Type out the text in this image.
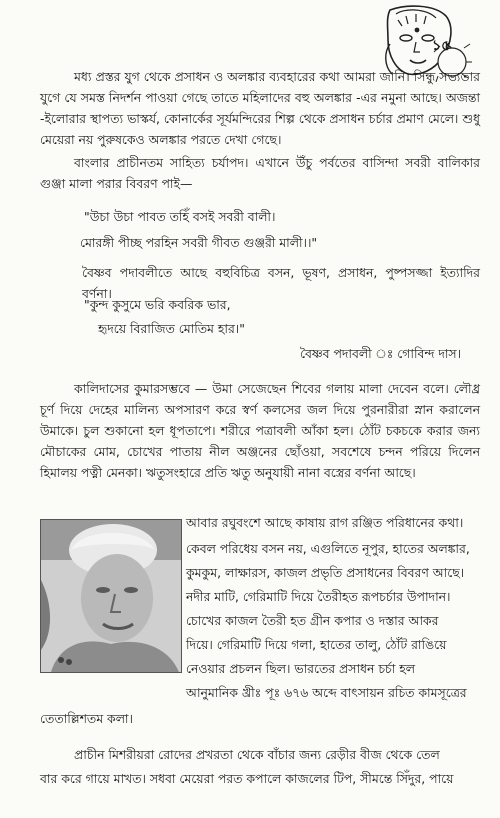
১৫

মধ্য প্রস্তর যুগ থেকে প্রসাধন ও অলঙ্কার ব্যবহারের কথা আমরা জানি। সিন্ধু সভ্যতার যুগে যে সমস্ত নিদর্শন পাওয়া গেছে তাতে মহিলাদের বহু অলঙ্কার -এর নমুনা আছে। অজন্তা -ইলোরার স্থাপত্য ভাস্কর্য, কোনার্কের সূর্যমন্দিরের শিল্প থেকে প্রসাধন চর্চার প্রমাণ মেলে। শুধু মেয়েরা নয় পুরুষকেও অলঙ্কার পরতে দেখা গেছে।

বাংলার প্রাচীনতম সাহিত্য চর্যাপদ। এখানে উঁচু পর্বতের বাসিন্দা সবরী বালিকার গুঞ্জা মালা পরার বিবরণ পাই—

"উচা উচা পাবত তহিঁ বসই সবরী বালী।

মোরঙ্গী পীচ্ছ পরহিন সবরী গীবত গুঞ্জরী মালী।।"

বৈষ্ণব পদাবলীতে আছে বহুবিচিত্র বসন, ভূষণ, প্রসাধন, পুষ্পসজ্জা ইত্যাদির বর্ণনা।

"কুন্দ কুসুমে ভরি কবরিক ভার,

হৃদয়ে বিরাজিত মোতিম হার।"

বৈষ্ণব পদাবলী ঃ গোবিন্দ দাস।

কালিদাসের কুমারসম্ভবে — উমা সেজেছেন শিবের গলায় মালা দেবেন বলে। লৌধ্র চূর্ণ দিয়ে দেহের মালিন্য অপসারণ করে স্বর্ণ কলসের জল দিয়ে পুরনারীরা স্নান করালেন উমাকে। চুল শুকানো হল ধূপতাপে। শরীরে পত্রাবলী আঁকা হল। ঠোঁট চকচকে করার জন্য মৌচাকের মোম, চোখের পাতায় নীল অঞ্জনের ছোঁওয়া, সবশেষে চন্দন পরিয়ে দিলেন হিমালয় পত্নী মেনকা। ঋতুসংহারে প্রতি ঋতু অনুযায়ী নানা বস্ত্রের বর্ণনা আছে।

আবার রঘুবংশে আছে কাষায় রাগ রঞ্জিত পরিধানের কথা।

কেবল পরিধেয় বসন নয়, এগুলিতে নূপুর, হাতের অলঙ্কার,

কুমকুম, লাক্ষারস, কাজল প্রভৃতি প্রসাধনের বিবরণ আছে।

নদীর মাটি, গেরিমাটি দিয়ে তৈরীহত রূপচর্চার উপাদান।

চোখের কাজল তৈরী হত গ্রীন কপার ও দস্তার আকর

দিয়ে। গেরিমাটি দিয়ে গলা, হাতের তালু, ঠোঁট রাঙিয়ে

নেওয়ার প্রচলন ছিল। ভারতের প্রসাধন চর্চা হল

আনুমানিক খ্রীঃ পূঃ ৬৭৬ অব্দে বাৎসায়ন রচিত কামসূত্রের

তেতাল্লিশতম কলা।

প্রাচীন মিশরীয়রা রোদের প্রখরতা থেকে বাঁচার জন্য রেড়ীর বীজ থেকে তেল

বার করে গায়ে মাখত। সধবা মেয়েরা পরত কপালে কাজলের টিপ, সীমন্তে সিঁদুর, পায়ে
